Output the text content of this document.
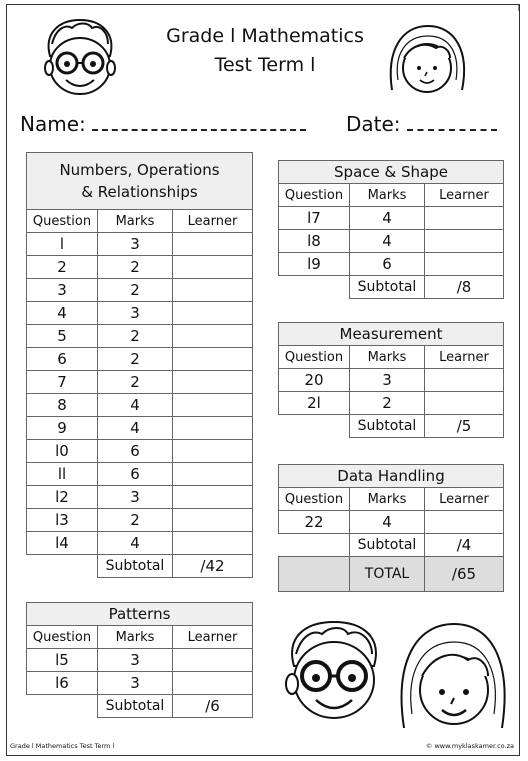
l
Grade l Mathematics
Test Term l
Name:	Date:
Numbers, Operations
& Relationships		

Question	Marks	Learner
l	3	
2	2	
3	2	
4	3	
5	2	
6	2	
7	2	
8	4	
9	4	
l0	6	
ll	6	
l2	3	
l3	2	
l4	4	
	Subtotal	/42
Patterns		
Question	Marks	Learner
l5	3	
l6	3	
	Subtotal	/6
Space & Shape		
Question	Marks	Learner
l7	4	
l8	4	
l9	6	
	Subtotal	/8
Measurement		
Question	Marks	Learner
20	3	
2l	2	
	Subtotal	/5
Data Handling		
Question	Marks	Learner
22	4	
	Subtotal	/4
	TOTAL	/65
Grade l Mathematics Test Term l	© www.myklaskamer.co.za
